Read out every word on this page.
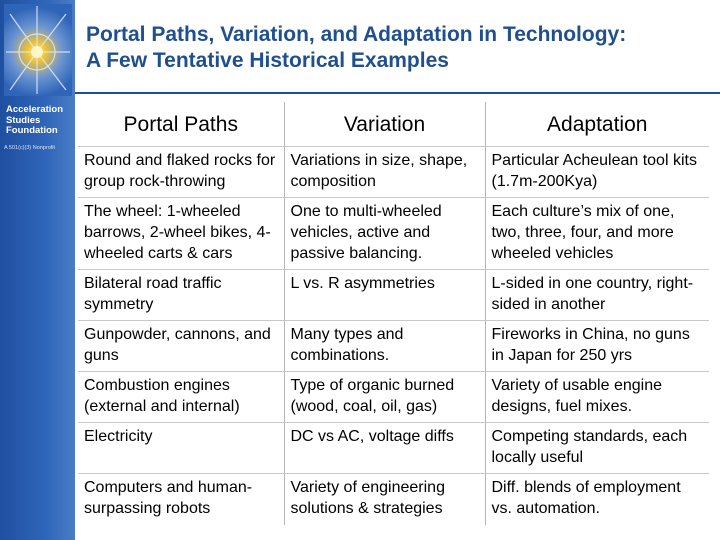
Acceleration
Studies
Foundation
A 501(c)(3) Nonprofit
Portal Paths, Variation, and Adaptation in Technology:
A Few Tentative Historical Examples
Portal Paths	Variation	Adaptation
Round and flaked rocks for group rock-throwing	Variations in size, shape, composition	Particular Acheulean tool kits (1.7m-200Kya)
The wheel: 1-wheeled barrows, 2-wheel bikes, 4-wheeled carts & cars	One to multi-wheeled vehicles, active and passive balancing.	Each culture’s mix of one, two, three, four, and more wheeled vehicles
Bilateral road traffic symmetry	L vs. R asymmetries	L-sided in one country, right-sided in another
Gunpowder, cannons, and guns	Many types and combinations.	Fireworks in China, no guns in Japan for 250 yrs
Combustion engines (external and internal)	Type of organic burned (wood, coal, oil, gas)	Variety of usable engine designs, fuel mixes.
Electricity	DC vs AC, voltage diffs	Competing standards, each locally useful
Computers and human-surpassing robots	Variety of engineering solutions & strategies	Diff. blends of employment vs. automation.
